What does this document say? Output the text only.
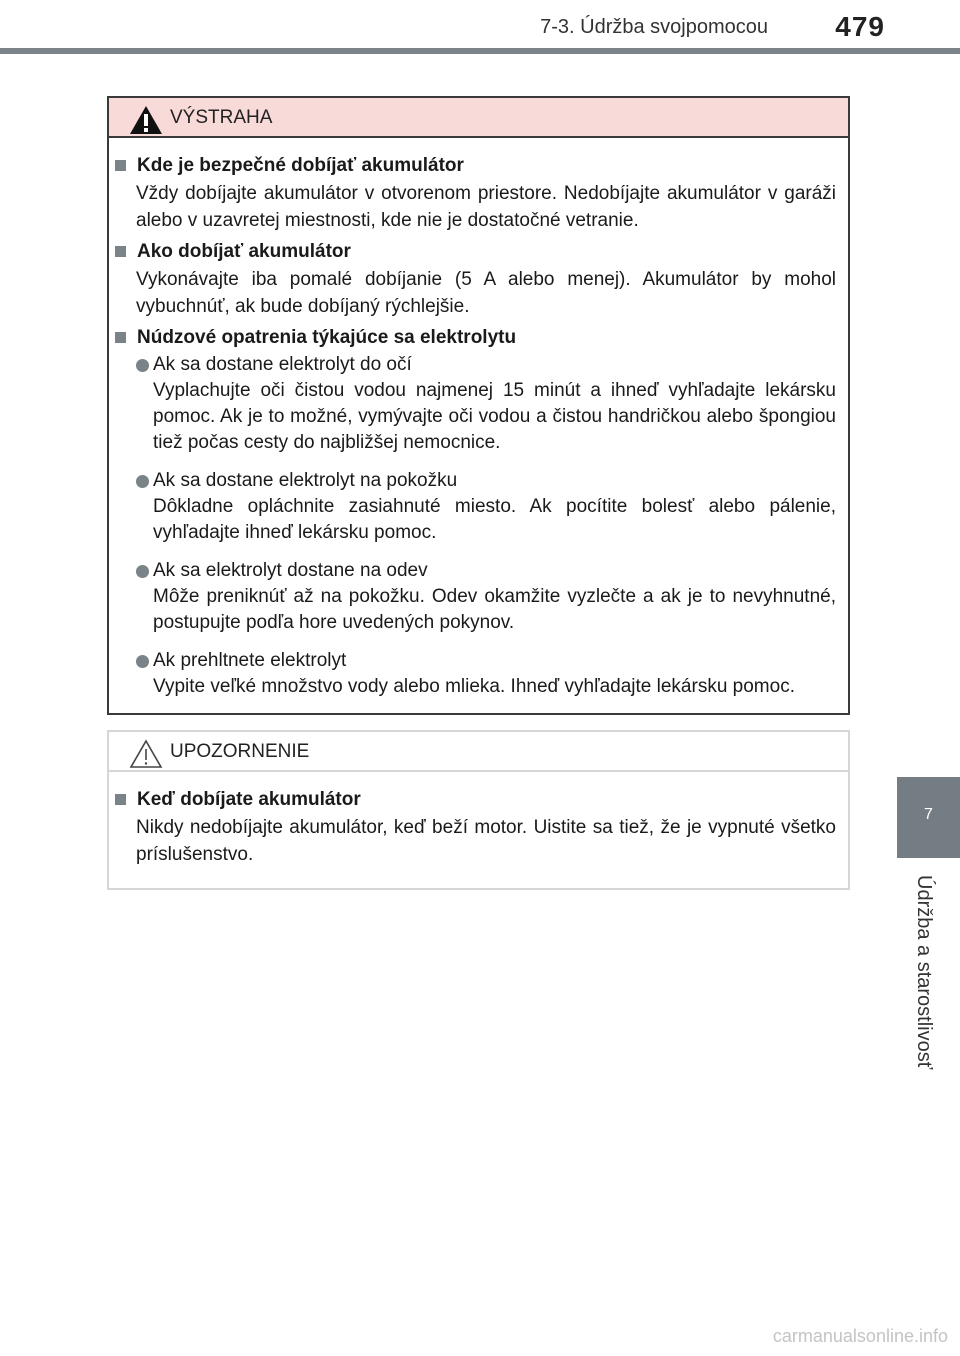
7-3. Údržba svojpomocou	479
7
Údržba a starostlivosť
VÝSTRAHA
Kde je bezpečné dobíjať akumulátor
Vždy dobíjajte akumulátor v otvorenom priestore. Nedobíjajte akumulátor v garáži alebo v uzavretej miestnosti, kde nie je dostatočné vetranie.
Ako dobíjať akumulátor
Vykonávajte iba pomalé dobíjanie (5 A alebo menej). Akumulátor by mohol vybuchnúť, ak bude dobíjaný rýchlejšie.
Núdzové opatrenia týkajúce sa elektrolytu
Ak sa dostane elektrolyt do očí
Vyplachujte oči čistou vodou najmenej 15 minút a ihneď vyhľadajte lekársku pomoc. Ak je to možné, vymývajte oči vodou a čistou handričkou alebo špongiou tiež počas cesty do najbližšej nemocnice.
Ak sa dostane elektrolyt na pokožku
Dôkladne opláchnite zasiahnuté miesto. Ak pocítite bolesť alebo pálenie, vyhľadajte ihneď lekársku pomoc.
Ak sa elektrolyt dostane na odev
Môže preniknúť až na pokožku. Odev okamžite vyzlečte a ak je to nevyhnutné, postupujte podľa hore uvedených pokynov.
Ak prehltnete elektrolyt
Vypite veľké množstvo vody alebo mlieka. Ihneď vyhľadajte lekársku pomoc.
UPOZORNENIE
Keď dobíjate akumulátor
Nikdy nedobíjajte akumulátor, keď beží motor. Uistite sa tiež, že je vypnuté všetko príslušenstvo.
carmanualsonline.info
